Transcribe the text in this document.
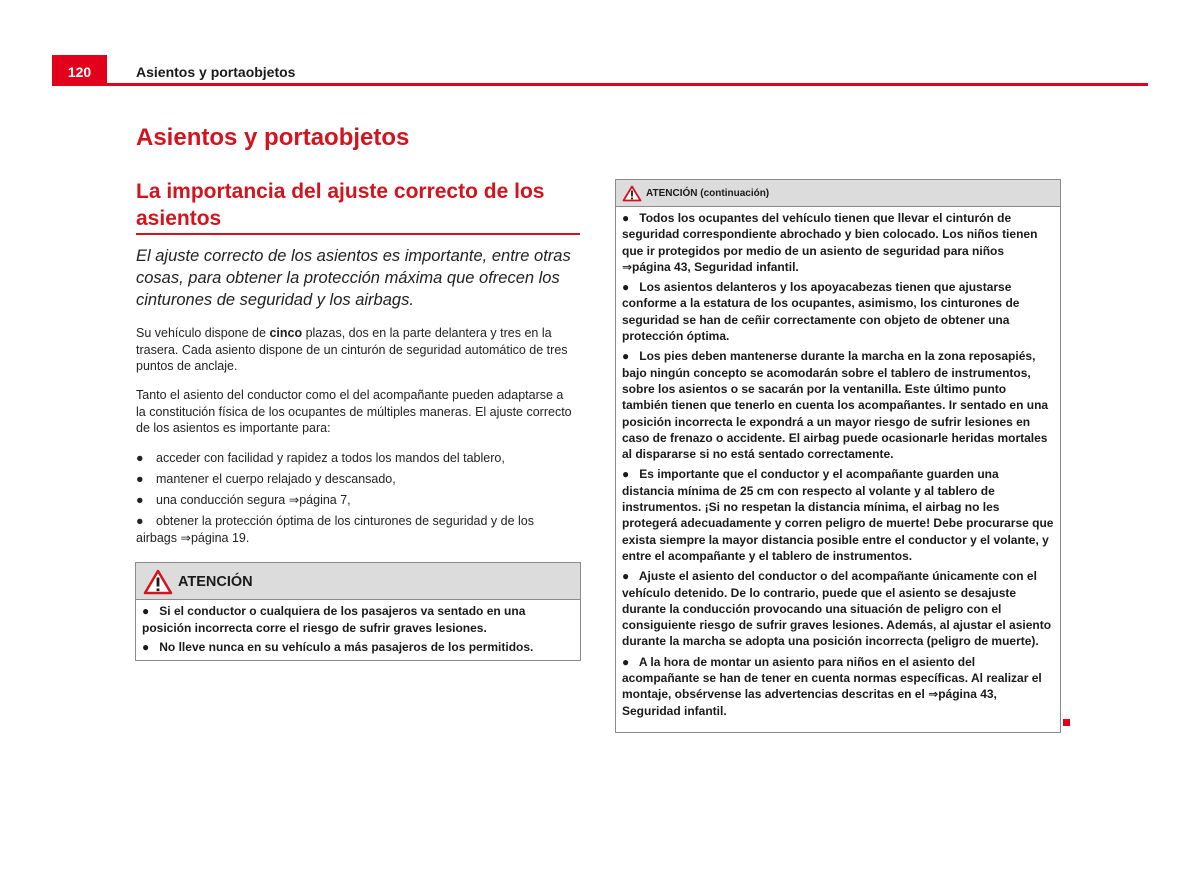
120	Asientos y portaobjetos
Asientos y portaobjetos
La importancia del ajuste correcto de los asientos
El ajuste correcto de los asientos es importante, entre otras cosas, para obtener la protección máxima que ofrecen los cinturones de seguridad y los airbags.
Su vehículo dispone de cinco plazas, dos en la parte delantera y tres en la trasera. Cada asiento dispone de un cinturón de seguridad automático de tres puntos de anclaje.
Tanto el asiento del conductor como el del acompañante pueden adaptarse a la constitución física de los ocupantes de múltiples maneras. El ajuste correcto de los asientos es importante para:
● acceder con facilidad y rapidez a todos los mandos del tablero,
● mantener el cuerpo relajado y descansado,
● una conducción segura ⇒página 7,
● obtener la protección óptima de los cinturones de seguridad y de los airbags ⇒página 19.
ATENCIÓN

● Si el conductor o cualquiera de los pasajeros va sentado en una posición incorrecta corre el riesgo de sufrir graves lesiones.

● No lleve nunca en su vehículo a más pasajeros de los permitidos.

ATENCIÓN (continuación)

● Todos los ocupantes del vehículo tienen que llevar el cinturón de seguridad correspondiente abrochado y bien colocado. Los niños tienen que ir protegidos por medio de un asiento de seguridad para niños ⇒página 43, Seguridad infantil.

● Los asientos delanteros y los apoyacabezas tienen que ajustarse conforme a la estatura de los ocupantes, asimismo, los cinturones de seguridad se han de ceñir correctamente con objeto de obtener una protección óptima.

● Los pies deben mantenerse durante la marcha en la zona reposapiés, bajo ningún concepto se acomodarán sobre el tablero de instrumentos, sobre los asientos o se sacarán por la ventanilla. Este último punto también tienen que tenerlo en cuenta los acompañantes. Ir sentado en una posición incorrecta le expondrá a un mayor riesgo de sufrir lesiones en caso de frenazo o accidente. El airbag puede ocasionarle heridas mortales al dispararse si no está sentado correctamente.

● Es importante que el conductor y el acompañante guarden una distancia mínima de 25 cm con respecto al volante y al tablero de instrumentos. ¡Si no respetan la distancia mínima, el airbag no les protegerá adecuadamente y corren peligro de muerte! Debe procurarse que exista siempre la mayor distancia posible entre el conductor y el volante, y entre el acompañante y el tablero de instrumentos.

● Ajuste el asiento del conductor o del acompañante únicamente con el vehículo detenido. De lo contrario, puede que el asiento se desajuste durante la conducción provocando una situación de peligro con el consiguiente riesgo de sufrir graves lesiones. Además, al ajustar el asiento durante la marcha se adopta una posición incorrecta (peligro de muerte).

● A la hora de montar un asiento para niños en el asiento del acompañante se han de tener en cuenta normas específicas. Al realizar el montaje, obsérvense las advertencias descritas en el ⇒página 43, Seguridad infantil.
